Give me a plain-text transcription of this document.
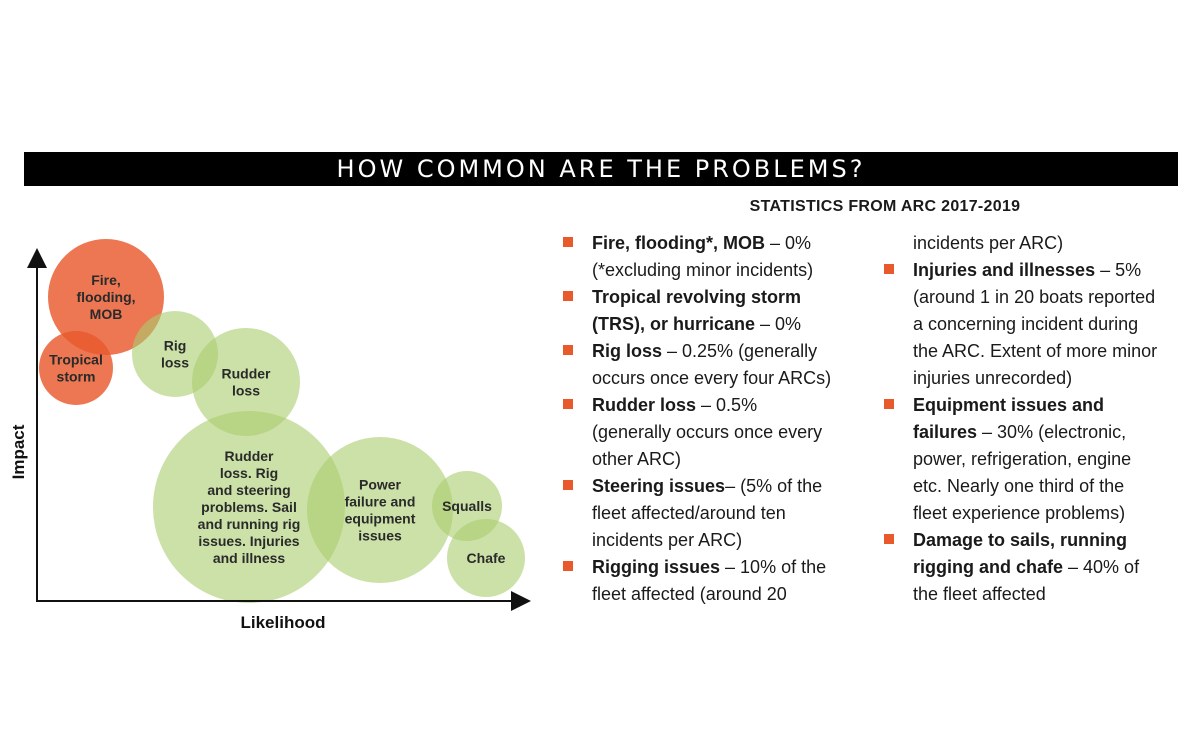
HOW COMMON ARE THE PROBLEMS?
STATISTICS FROM ARC 2017-2019
Fire, flooding, MOB
Tropical storm
Rig loss
Rudder loss
Rudder loss. Rig and steering problems. Sail and running rig issues. Injuries and illness
Power failure and equipment issues
Squalls
Chafe
Impact
Likelihood
Fire, flooding*, MOB – 0%
(*excluding minor incidents)
Tropical revolving storm
(TRS), or hurricane – 0%
Rig loss – 0.25% (generally
occurs once every four ARCs)
Rudder loss – 0.5%
(generally occurs once every
other ARC)
Steering issues– (5% of the
fleet affected/around ten
incidents per ARC)
Rigging issues – 10% of the
fleet affected (around 20
incidents per ARC)
Injuries and illnesses – 5%
(around 1 in 20 boats reported
a concerning incident during
the ARC. Extent of more minor
injuries unrecorded)
Equipment issues and
failures – 30% (electronic,
power, refrigeration, engine
etc. Nearly one third of the
fleet experience problems)
Damage to sails, running
rigging and chafe – 40% of
the fleet affected
